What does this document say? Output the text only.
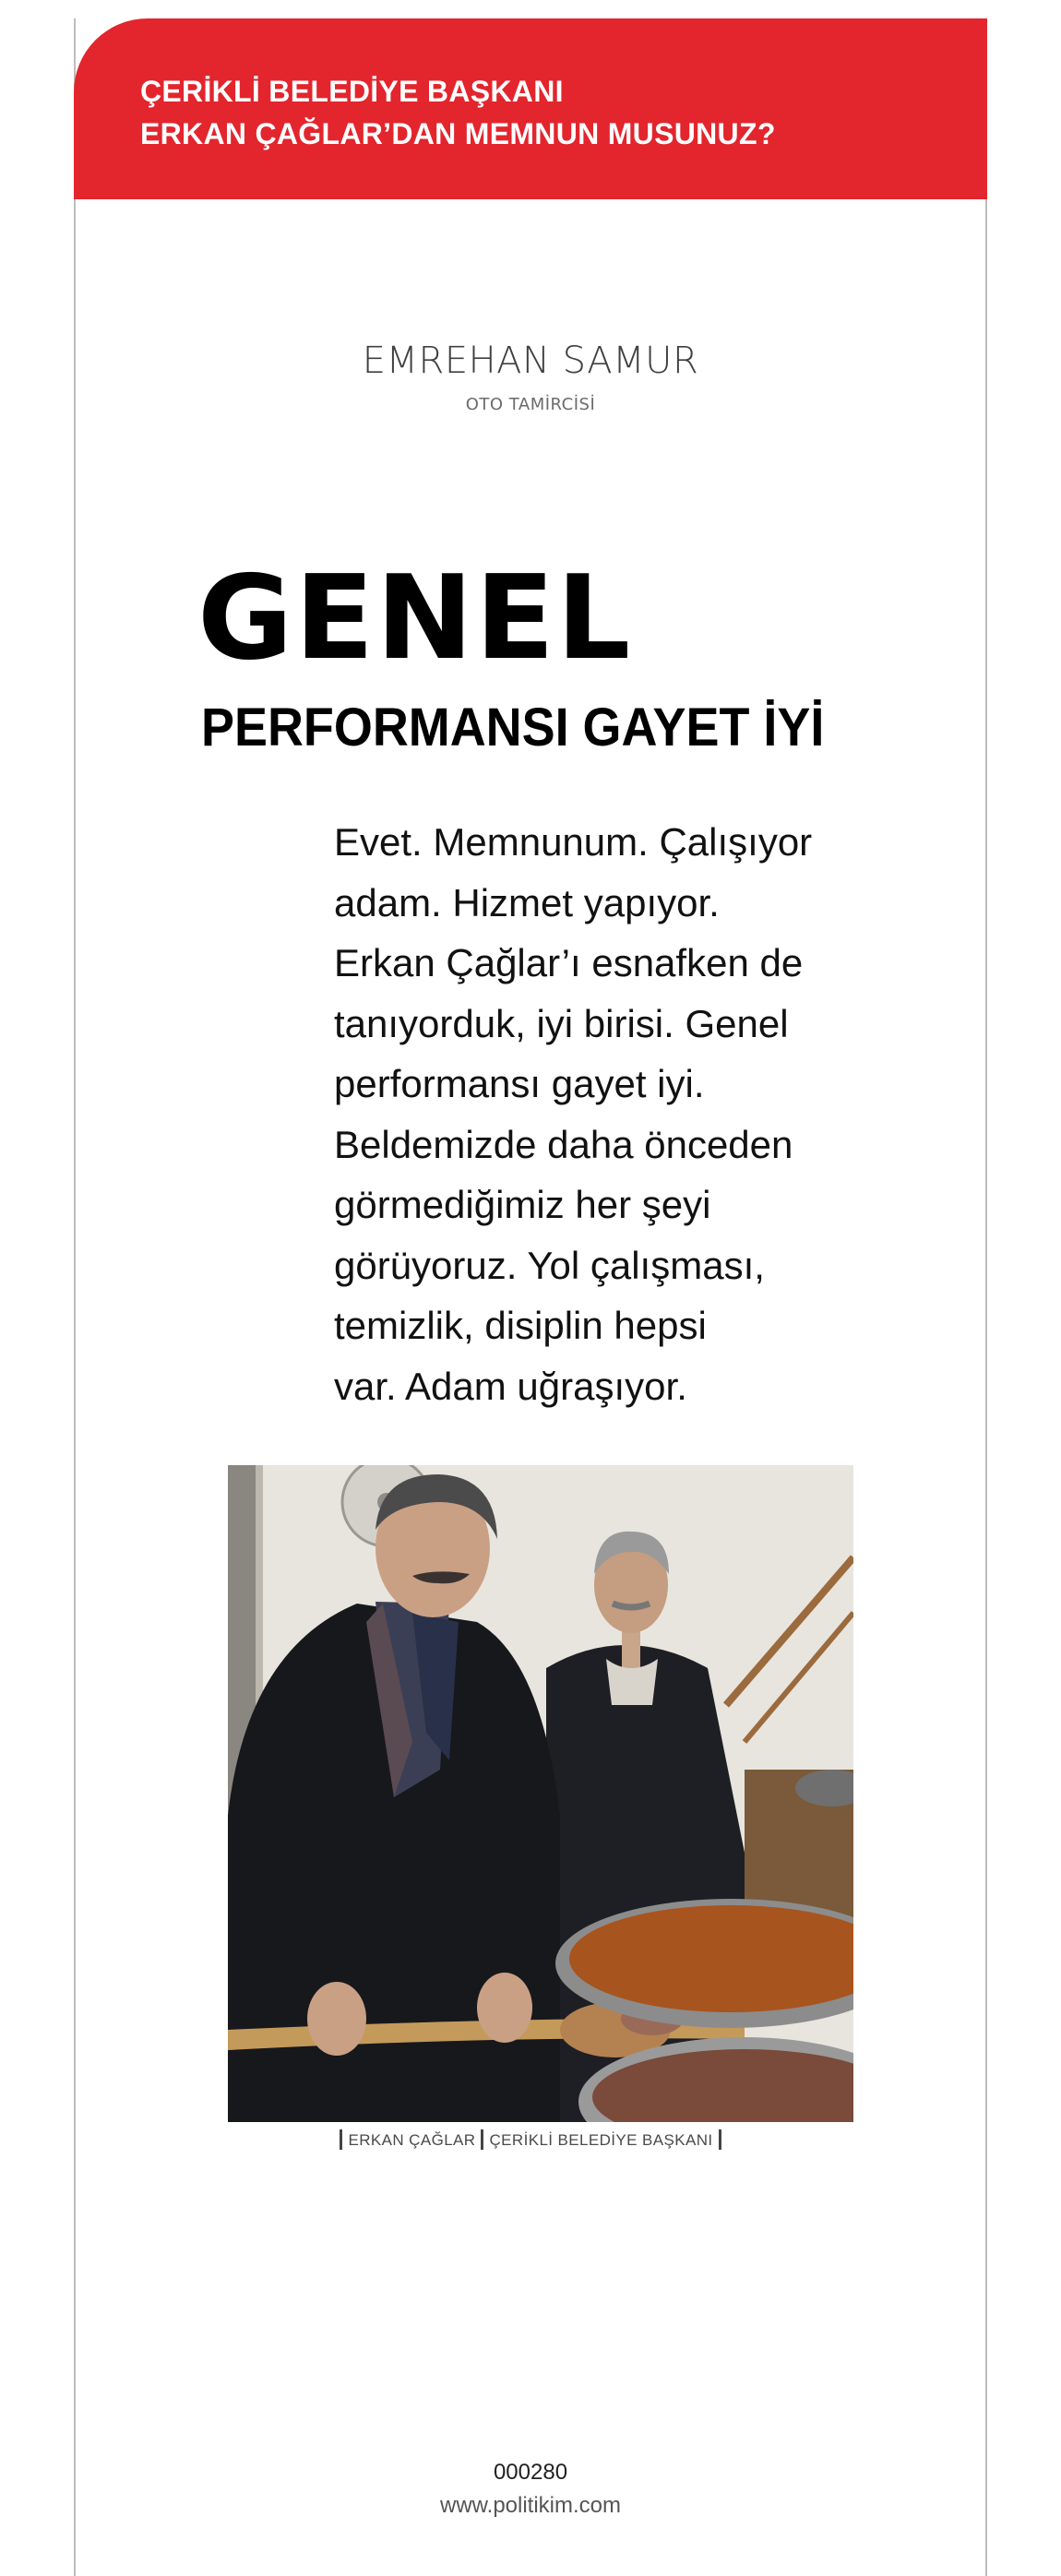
ÇERİKLİ BELEDİYE BAŞKANI
ERKAN ÇAĞLAR’DAN MEMNUN MUSUNUZ?
EMREHAN SAMUR
OTO TAMİRCİSİ
GENEL
PERFORMANSI GAYET İYİ
Evet. Memnunum. Çalışıyor
adam. Hizmet yapıyor.
Erkan Çağlar’ı esnafken de
tanıyorduk, iyi birisi. Genel
performansı gayet iyi.
Beldemizde daha önceden
görmediğimiz her şeyi
görüyoruz. Yol çalışması,
temizlik, disiplin hepsi
var. Adam uğraşıyor.
ERKAN ÇAĞLAR ÇERİKLİ BELEDİYE BAŞKANI
000280
www.politikim.com
